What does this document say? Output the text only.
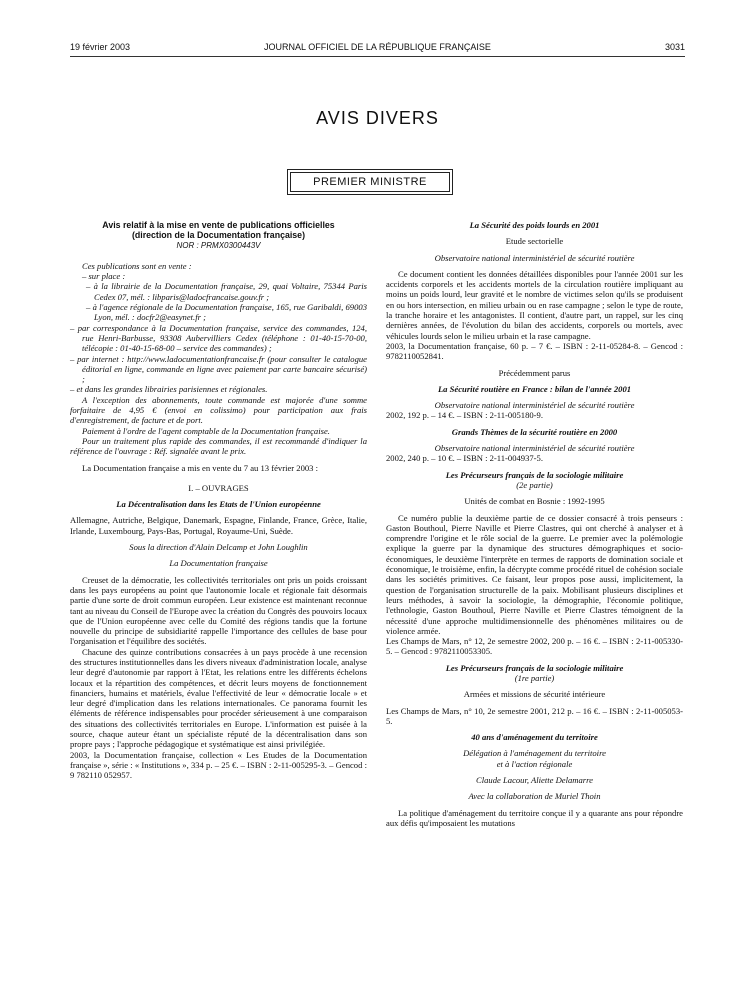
19 février 2003	JOURNAL OFFICIEL DE LA RÉPUBLIQUE FRANÇAISE	3031
AVIS DIVERS
PREMIER MINISTRE

Avis relatif à la mise en vente de publications officielles

(direction de la Documentation française)

NOR : PRMX0300443V

Ces publications sont en vente :

– sur place :

– à la librairie de la Documentation française, 29, quai Voltaire, 75344 Paris Cedex 07, mél. : libparis@ladocfrancaise.gouv.fr ;

– à l'agence régionale de la Documentation française, 165, rue Garibaldi, 69003 Lyon, mél. : docfr2@easynet.fr ;

– par correspondance à la Documentation française, service des commandes, 124, rue Henri-Barbusse, 93308 Aubervilliers Cedex (téléphone : 01-40-15-70-00, télécopie : 01-40-15-68-00 – service des commandes) ;

– par internet : http://www.ladocumentationfrancaise.fr (pour consulter le catalogue éditorial en ligne, commande en ligne avec paiement par carte bancaire sécurisé) ;

– et dans les grandes librairies parisiennes et régionales.

A l'exception des abonnements, toute commande est majorée d'une somme forfaitaire de 4,95 € (envoi en colissimo) pour participation aux frais d'enregistrement, de facture et de port.

Paiement à l'ordre de l'agent comptable de la Documentation française.

Pour un traitement plus rapide des commandes, il est recommandé d'indiquer la référence de l'ouvrage : Réf. signalée avant le prix.

La Documentation française a mis en vente du 7 au 13 février 2003 :

I. – OUVRAGES

La Décentralisation dans les Etats de l'Union européenne

Allemagne, Autriche, Belgique, Danemark, Espagne, Finlande, France, Grèce, Italie, Irlande, Luxembourg, Pays-Bas, Portugal, Royaume-Uni, Suède.

Sous la direction d'Alain Delcamp et John Loughlin

La Documentation française

Creuset de la démocratie, les collectivités territoriales ont pris un poids croissant dans les pays européens au point que l'autonomie locale et régionale fait désormais partie d'une sorte de droit commun européen. Leur existence est maintenant reconnue tant au niveau du Conseil de l'Europe avec la création du Congrès des pouvoirs locaux que de l'Union européenne avec celle du Comité des régions tandis que la fortune nouvelle du principe de subsidiarité rappelle l'importance des cellules de base pour l'organisation et l'équilibre des sociétés.

Chacune des quinze contributions consacrées à un pays procède à une recension des structures institutionnelles dans les divers niveaux d'administration locale, analyse leur degré d'autonomie par rapport à l'Etat, les relations entre les différents échelons locaux et la répartition des compétences, et décrit leurs moyens de fonctionnement financiers, humains et matériels, évalue l'effectivité de leur « démocratie locale » et leur degré d'implication dans les relations internationales. Ce panorama fournit les éléments de référence indispensables pour procéder sérieusement à une comparaison des situations des collectivités territoriales en Europe. L'information est puisée à la source, chaque auteur étant un spécialiste réputé de la décentralisation dans son propre pays ; l'approche pédagogique et systématique est ainsi privilégiée.

2003, la Documentation française, collection « Les Etudes de la Documentation française », série : « Institutions », 334 p. – 25 €. – ISBN : 2-11-005295-3. – Gencod : 9 782110 052957.

La Sécurité des poids lourds en 2001

Etude sectorielle

Observatoire national interministériel de sécurité routière

Ce document contient les données détaillées disponibles pour l'année 2001 sur les accidents corporels et les accidents mortels de la circulation routière impliquant au moins un poids lourd, leur gravité et le nombre de victimes selon qu'ils se produisent en ou hors intersection, en milieu urbain ou en rase campagne ; selon le type de route, la tranche horaire et les antagonistes. Il contient, d'autre part, un rappel, sur les cinq dernières années, de l'évolution du bilan des accidents, corporels ou mortels, avec véhicules lourds selon le milieu urbain et la rase campagne.

2003, la Documentation française, 60 p. – 7 €. – ISBN : 2-11-05284-8. – Gencod : 9782110052841.

Précédemment parus

La Sécurité routière en France : bilan de l'année 2001

Observatoire national interministériel de sécurité routière

2002, 192 p. – 14 €. – ISBN : 2-11-005180-9.

Grands Thèmes de la sécurité routière en 2000

Observatoire national interministériel de sécurité routière

2002, 240 p. – 10 €. – ISBN : 2-11-004937-5.

Les Précurseurs français de la sociologie militaire

(2e partie)

Unités de combat en Bosnie : 1992-1995

Ce numéro publie la deuxième partie de ce dossier consacré à trois penseurs : Gaston Bouthoul, Pierre Naville et Pierre Clastres, qui ont cherché à analyser et à comprendre l'origine et le rôle social de la guerre. Le premier avec la polémologie explique la guerre par la dynamique des structures démographiques et socio-économiques, le deuxième l'interprète en termes de rapports de domination sociale et économique, le troisième, enfin, la décrypte comme procédé rituel de cohésion sociale dans les sociétés primitives. Ce faisant, leur propos pose aussi, implicitement, la question de l'organisation structurelle de la paix. Mobilisant plusieurs disciplines et leurs méthodes, à savoir la sociologie, la démographie, l'économie politique, l'ethnologie, Gaston Bouthoul, Pierre Naville et Pierre Clastres témoignent de la nécessité d'une approche multidimensionnelle des phénomènes militaires ou de violence armée.

Les Champs de Mars, n° 12, 2e semestre 2002, 200 p. – 16 €. – ISBN : 2-11-005330-5. – Gencod : 9782110053305.

Les Précurseurs français de la sociologie militaire

(1re partie)

Armées et missions de sécurité intérieure

Les Champs de Mars, n° 10, 2e semestre 2001, 212 p. – 16 €. – ISBN : 2-11-005053-5.

40 ans d'aménagement du territoire

Délégation à l'aménagement du territoire

et à l'action régionale

Claude Lacour, Aliette Delamarre

Avec la collaboration de Muriel Thoin

La politique d'aménagement du territoire conçue il y a quarante ans pour répondre aux défis qu'imposaient les mutations
